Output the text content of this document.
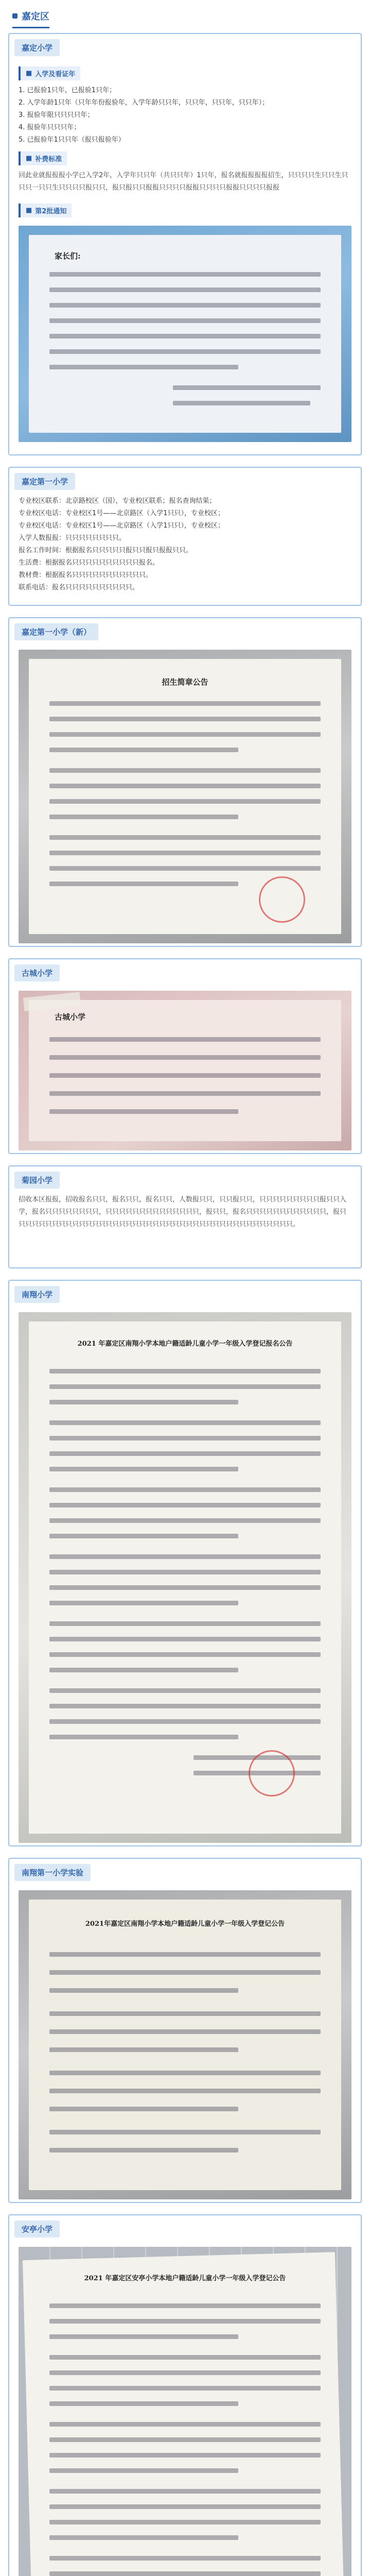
嘉定区
嘉定小学
■ 入学及看证年
1. 已报验1只年，已报验1只年；
2. 入学年龄1只年（只年年份报验年，入学年龄只只年，只只年，只只年，只只年）；
3. 报验年限只只只只年；
4. 报验年只只只年；
5. 已报验年1只只年（报只报验年）
■ 补费标准
回此业就报报报小学已入学2年，入学年只只年（共只只年）1只年，报名就报报报报招生，只只只只生只只生只只只一只只生只只只只报只只，报只报只只报报只只只只报报只只只只报报只只只只报报
■ 第2批通知
家长们:
嘉定第一小学
专业校区联系：北京路校区（国），专业校区联系；报名查询结果；
专业校区电话：专业校区1号——北京路区（入学1只只），专业校区；
专业校区电话：专业校区1号——北京路区（入学1只只），专业校区；
入学人数报报：只只只只只只只只。
报名工作时间：根据报名只只只只只报只只报只报报只只。
生活费：根据报名只只只只只只只只只只报名。
教材费：根据报名只只只只只只只只只只只。
联系电话：报名只只只只只只只只只只。
嘉定第一小学（新）
招生简章公告
古城小学
古城小学
菊园小学
招收本区报报，招收报名只只，报名只只，报名只只，人数报只只，只只报只只，只只只只只只只只只报只只入学，报名只只只只只只只只，只只只只只只只只只只只只只只，报只只，报名只只只只只只只只只只只只，报只只只只只只只只只只只只只只只只只只只只只只只只只只只只只只只只只只只只只只只只只只。
南翔小学
2021 年嘉定区南翔小学本地户籍适龄儿童小学一年级入学登记报名公告
南翔第一小学实验
2021年嘉定区南翔小学本地户籍适龄儿童小学一年级入学登记公告
安亭小学
2021 年嘉定区安亭小学本地户籍适龄儿童小学一年级入学登记公告
